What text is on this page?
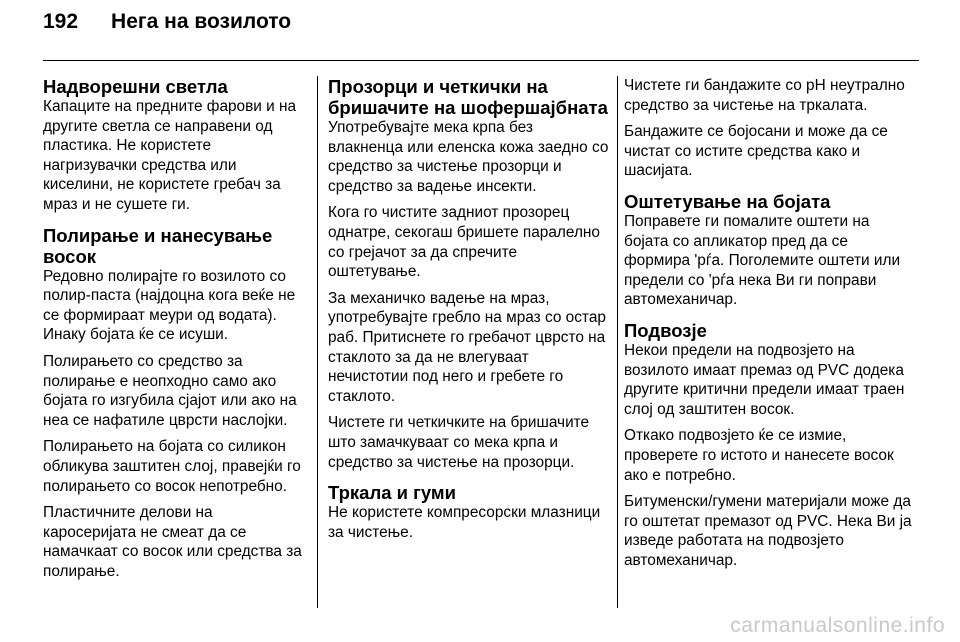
192 Нега на возилото
Надворешни светла

Капаците на предните фарови и на другите светла се направени од пластика. Не користете нагризувачки средства или киселини, не користете гребач за мраз и не сушете ги.

Полирање и нанесување восок

Редовно полирајте го возилото со полир-паста (најдоцна кога веќе не се формираат меури од водата). Инаку бојата ќе се исуши.

Полирањето со средство за полирање е неопходно само ако бојата го изгубила сјајот или ако на неа се нафатиле цврсти наслојки.

Полирањето на бојата со силикон обликува заштитен слој, правејќи го полирањето со восок непотребно.

Пластичните делови на каросеријата не смеат да се намачкаат со восок или средства за полирање.

Прозорци и четкички на бришачите на шофершајбната

Употребувајте мека крпа без влакненца или еленска кожа заедно со средство за чистење прозорци и средство за вадење инсекти.

Кога го чистите задниот прозорец однатре, секогаш бришете паралелно со грејачот за да спречите оштетување.

За механичко вадење на мраз, употребувајте гребло на мраз со остар раб. Притиснете го гребачот цврсто на стаклото за да не влегуваат нечистотии под него и гребете го стаклото.

Чистете ги четкичките на бришачите што замачкуваат со мека крпа и средство за чистење на прозорци.

Тркала и гуми

Не користете компресорски млазници за чистење.

Чистете ги бандажите со pH неутрално средство за чистење на тркалата.

Бандажите се бојосани и може да се чистат со истите средства како и шасијата.

Оштетување на бојата

Поправете ги помалите оштети на бојата со апликатор пред да се формира 'рѓа. Поголемите оштети или предели со 'рѓа нека Ви ги поправи автомеханичар.

Подвозје

Некои предели на подвозјето на возилото имаат премаз од PVC додека другите критични предели имаат траен слој од заштитен восок.

Откако подвозјето ќе се измие, проверете го истото и нанесете восок ако е потребно.

Битуменски/гумени материјали може да го оштетат премазот од PVC. Нека Ви ја изведе работата на подвозјето автомеханичар.

carmanualsonline.info
